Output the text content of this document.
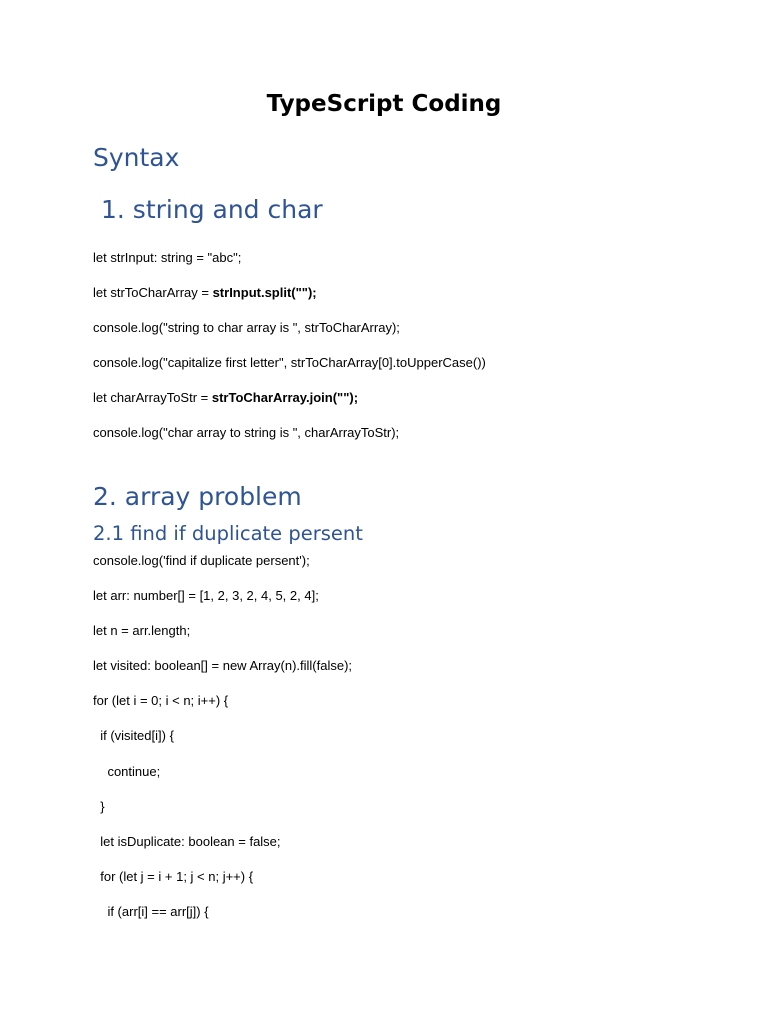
TypeScript Coding
Syntax
1. string and char
let strInput: string = "abc";
let strToCharArray = strInput.split("");
console.log("string to char array is ", strToCharArray);
console.log("capitalize first letter", strToCharArray[0].toUpperCase())
let charArrayToStr = strToCharArray.join("");
console.log("char array to string is ", charArrayToStr);
2. array problem
2.1 find if duplicate persent
console.log('find if duplicate persent');
let arr: number[] = [1, 2, 3, 2, 4, 5, 2, 4];
let n = arr.length;
let visited: boolean[] = new Array(n).fill(false);
for (let i = 0; i < n; i++) {
if (visited[i]) {
continue;
}
let isDuplicate: boolean = false;
for (let j = i + 1; j < n; j++) {
if (arr[i] == arr[j]) {
